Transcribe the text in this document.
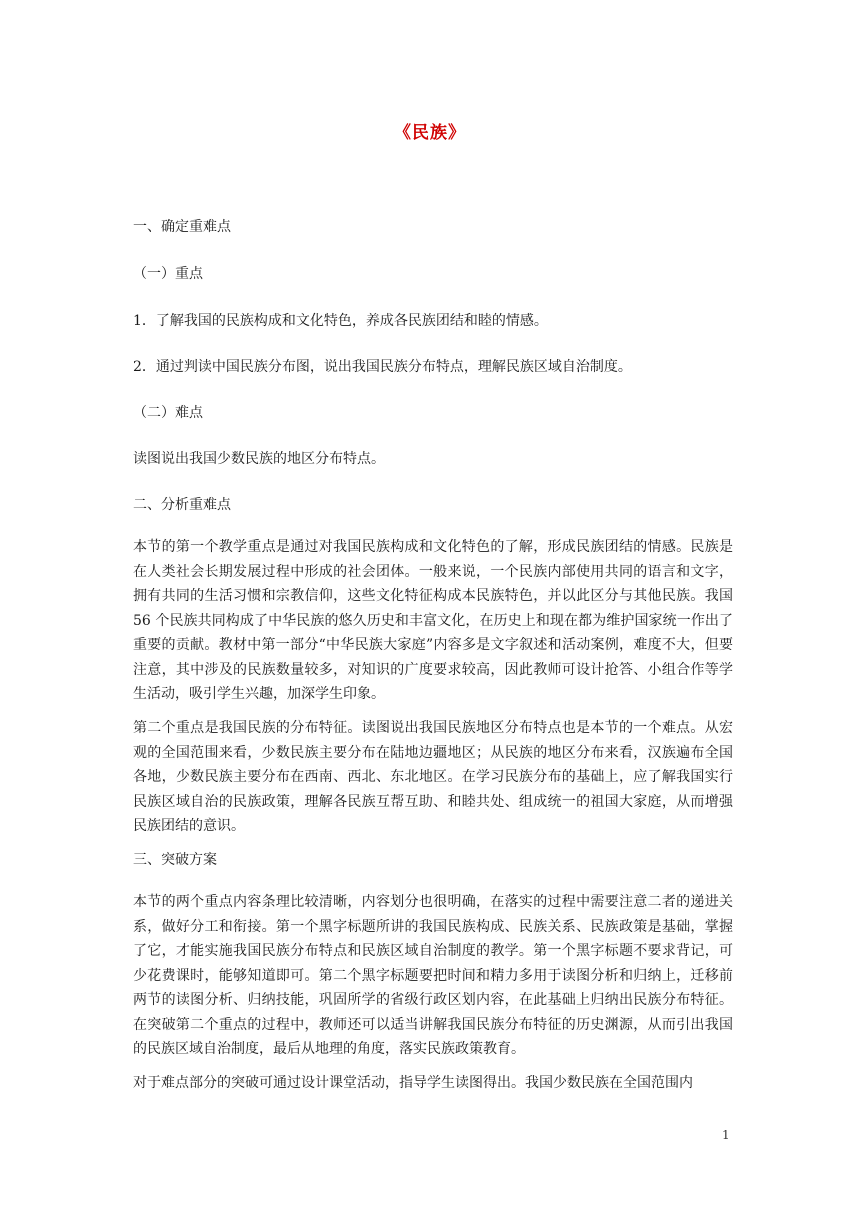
《民族》
一、确定重难点
（一）重点
1．了解我国的民族构成和文化特色，养成各民族团结和睦的情感。
2．通过判读中国民族分布图，说出我国民族分布特点，理解民族区域自治制度。
（二）难点
读图说出我国少数民族的地区分布特点。
二、分析重难点
本节的第一个教学重点是通过对我国民族构成和文化特色的了解，形成民族团结的情感。民族是在人类社会长期发展过程中形成的社会团体。一般来说，一个民族内部使用共同的语言和文字，拥有共同的生活习惯和宗教信仰，这些文化特征构成本民族特色，并以此区分与其他民族。我国 56 个民族共同构成了中华民族的悠久历史和丰富文化，在历史上和现在都为维护国家统一作出了重要的贡献。教材中第一部分“中华民族大家庭”内容多是文字叙述和活动案例，难度不大，但要注意，其中涉及的民族数量较多，对知识的广度要求较高，因此教师可设计抢答、小组合作等学生活动，吸引学生兴趣，加深学生印象。
第二个重点是我国民族的分布特征。读图说出我国民族地区分布特点也是本节的一个难点。从宏观的全国范围来看，少数民族主要分布在陆地边疆地区；从民族的地区分布来看，汉族遍布全国各地，少数民族主要分布在西南、西北、东北地区。在学习民族分布的基础上，应了解我国实行民族区域自治的民族政策，理解各民族互帮互助、和睦共处、组成统一的祖国大家庭，从而增强民族团结的意识。
三、突破方案
本节的两个重点内容条理比较清晰，内容划分也很明确，在落实的过程中需要注意二者的递进关系，做好分工和衔接。第一个黑字标题所讲的我国民族构成、民族关系、民族政策是基础，掌握了它，才能实施我国民族分布特点和民族区域自治制度的教学。第一个黑字标题不要求背记，可少花费课时，能够知道即可。第二个黑字标题要把时间和精力多用于读图分析和归纳上，迁移前两节的读图分析、归纳技能，巩固所学的省级行政区划内容，在此基础上归纳出民族分布特征。在突破第二个重点的过程中，教师还可以适当讲解我国民族分布特征的历史渊源，从而引出我国的民族区域自治制度，最后从地理的角度，落实民族政策教育。
对于难点部分的突破可通过设计课堂活动，指导学生读图得出。我国少数民族在全国范围内
1
